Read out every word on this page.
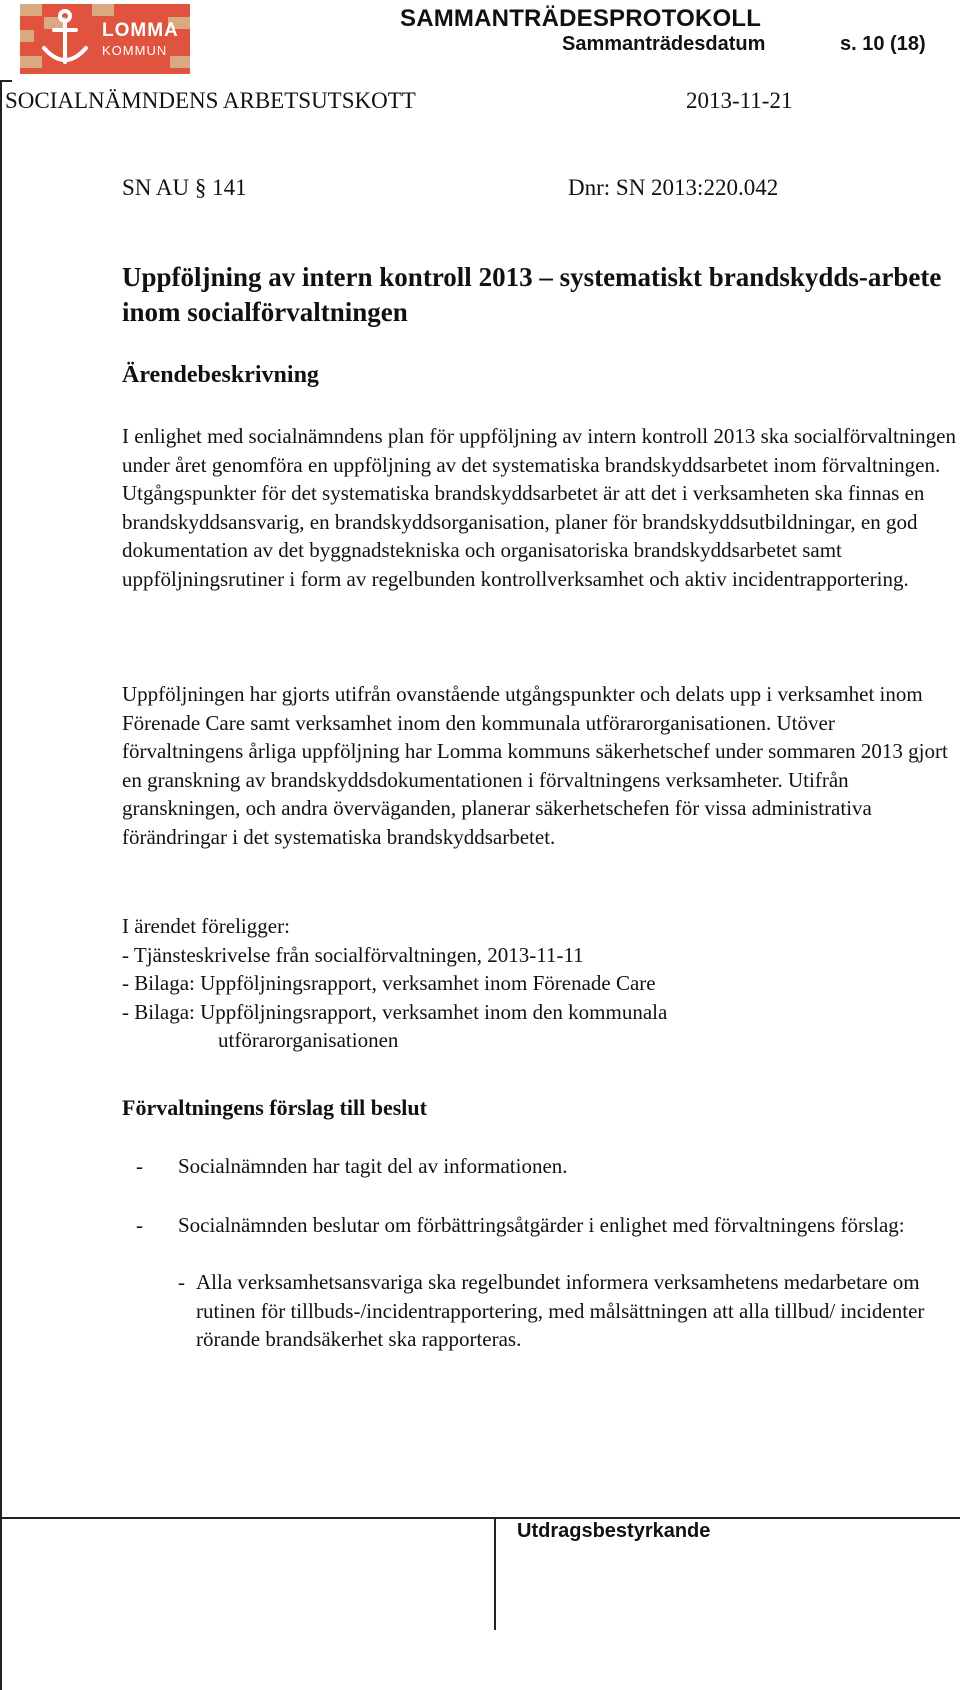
LOMMA
KOMMUN
SAMMANTRÄDESPROTOKOLL
Sammanträdesdatum	s. 10 (18)
SOCIALNÄMNDENS ARBETSUTSKOTT	2013-11-21
SN AU § 141	Dnr: SN 2013:220.042
Uppföljning av intern kontroll 2013 – systematiskt brandskydds-arbete inom socialförvaltningen
Ärendebeskrivning
I enlighet med socialnämndens plan för uppföljning av intern kontroll 2013 ska socialförvaltningen under året genomföra en uppföljning av det systematiska brandskyddsarbetet inom förvaltningen. Utgångspunkter för det systematiska brandskyddsarbetet är att det i verksamheten ska finnas en brandskyddsansvarig, en brandskyddsorganisation, planer för brandskyddsutbildningar, en god dokumentation av det byggnadstekniska och organisatoriska brandskyddsarbetet samt uppföljningsrutiner i form av regelbunden kontrollverksamhet och aktiv incidentrapportering.
Uppföljningen har gjorts utifrån ovanstående utgångspunkter och delats upp i verksamhet inom Förenade Care samt verksamhet inom den kommunala utförarorganisationen. Utöver förvaltningens årliga uppföljning har Lomma kommuns säkerhetschef under sommaren 2013 gjort en granskning av brandskyddsdokumentationen i förvaltningens verksamheter. Utifrån granskningen, och andra överväganden, planerar säkerhetschefen för vissa administrativa förändringar i det systematiska brandskyddsarbetet.
I ärendet föreligger:
- Tjänsteskrivelse från socialförvaltningen, 2013-11-11
- Bilaga: Uppföljningsrapport, verksamhet inom Förenade Care
- Bilaga: Uppföljningsrapport, verksamhet inom den kommunala
utförarorganisationen
Förvaltningens förslag till beslut
- Socialnämnden har tagit del av informationen.
- Socialnämnden beslutar om förbättringsåtgärder i enlighet med förvaltningens förslag:
- Alla verksamhetsansvariga ska regelbundet informera verksamhetens medarbetare om rutinen för tillbuds-/incidentrapportering, med målsättningen att alla tillbud/ incidenter rörande brandsäkerhet ska rapporteras.
Utdragsbestyrkande
